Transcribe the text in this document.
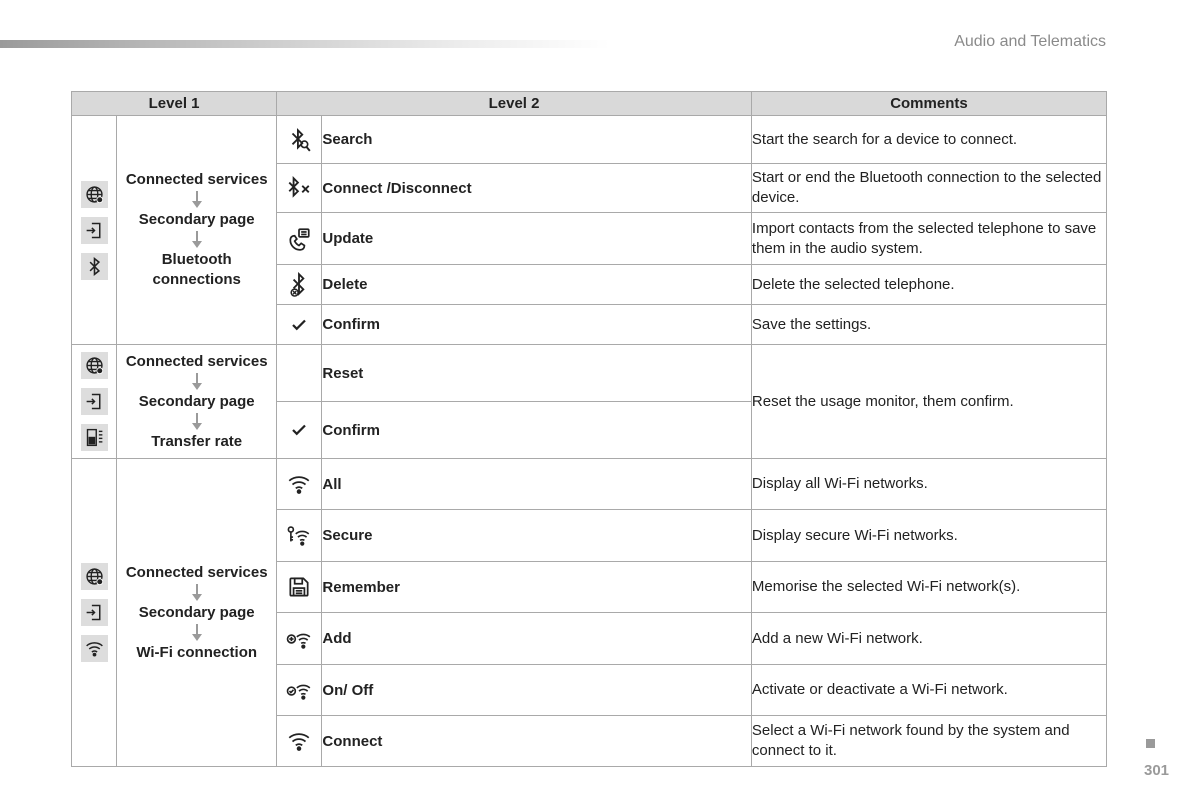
Audio and Telematics
Level 1		Level 2		Comments

	Connected services
Secondary page
Bluetooth connections		Search	Start the search for a device to connect.
	Connect /Disconnect	Start or end the Bluetooth connection to the selected device.
	Update	Import contacts from the selected telephone to save them in the audio system.
	Delete	Delete the selected telephone.
	Confirm	Save the settings.

	Connected services
Secondary page
Transfer rate		Reset	Reset the usage monitor, them confirm.
	Confirm	

	Connected services
Secondary page
Wi-Fi connection		All	Display all Wi-Fi networks.
	Secure	Display secure Wi-Fi networks.
	Remember	Memorise the selected Wi-Fi network(s).
	Add	Add a new Wi-Fi network.
	On/ Off	Activate or deactivate a Wi-Fi network.
	Connect	Select a Wi-Fi network found by the system and connect to it.
301
